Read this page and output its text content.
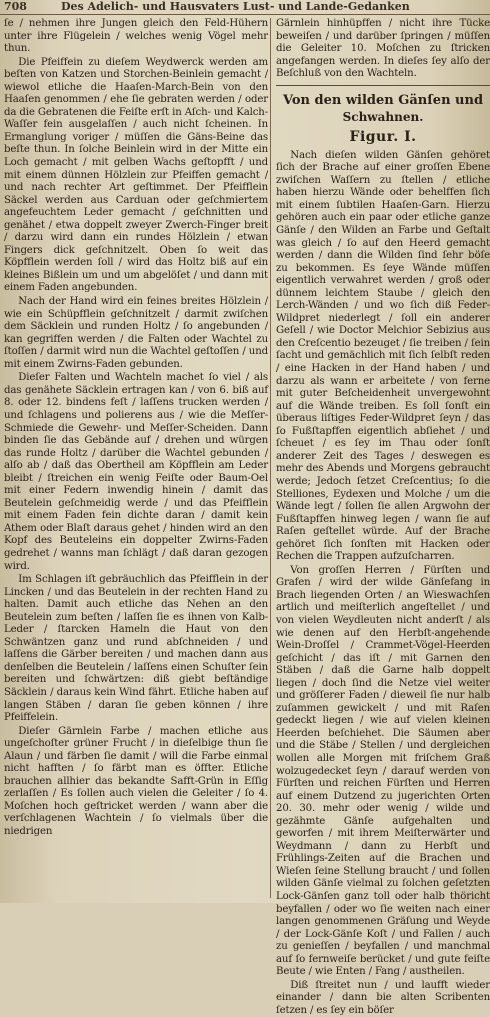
708	Des Adelich- und Hausvaters Lust- und Lande-Gedanken

ſe / nehmen ihre Jungen gleich den Feld-Hühern unter ihre Flügelein / welches wenig Vögel mehr thun.

Die Pfeiffein zu dieſem Weydwerck werden am beſten von Katzen und Storchen-Beinlein gemacht / wiewol etliche die Haaſen-March-Bein von den Haaſen genommen / ehe ſie gebraten werden / oder da die Gebratenen die Feiſte erſt in Aſch- und Kalch-Waſſer fein ausgelaſſen / auch nicht ſcheinen. In Ermanglung voriger / müſſen die Gäns-Beine das beſte thun. In ſolche Beinlein wird in der Mitte ein Loch gemacht / mit gelben Wachs geſtopfft / und mit einem dünnen Hölzlein zur Pfeiffen gemacht / und nach rechter Art geſtimmet. Der Pfeifflein Säckel werden aus Carduan oder geſchmiertem angefeuchtem Leder gemacht / geſchnitten und genähet / etwa doppelt zweyer Zwerch-Finger breit / darzu wird dann ein rundes Hölzlein / etwan Fingers dick geſchnitzelt. Oben ſo weit das Köpfflein werden ſoll / wird das Holtz biß auf ein kleines Bißlein um und um abgelöſet / und dann mit einem Faden angebunden.

Nach der Hand wird ein feines breites Hölzlein / wie ein Schüpfflein geſchnitzelt / darmit zwiſchen dem Säcklein und runden Holtz / ſo angebunden / kan gegriffen werden / die Falten oder Wachtel zu ſtoſſen / darmit wird nun die Wachtel geſtoſſen / und mit einem Zwirns-Faden gebunden.

Dieſer Falten und Wachteln machet ſo viel / als das genähete Säcklein ertragen kan / von 6. biß auf 8. oder 12. bindens feſt / laſſens trucken werden / und ſchlagens und polierens aus / wie die Meſſer-Schmiede die Gewehr- und Meſſer-Scheiden. Dann binden ſie das Gebände auf / drehen und würgen das runde Holtz / darüber die Wachtel gebunden / alſo ab / daß das Obertheil am Köpfflein am Leder bleibt / ſtreichen ein wenig Feiſte oder Baum-Oel mit einer Federn inwendig hinein / damit das Beutelein geſchmeidig werde / und das Pfeifflein mit einem Faden fein dichte daran / damit kein Athem oder Blaſt daraus gehet / hinden wird an den Kopf des Beuteleins ein doppelter Zwirns-Faden gedrehet / wanns man ſchlägt / daß daran gezogen wird.

Im Schlagen iſt gebräuchlich das Pfeifflein in der Lincken / und das Beutelein in der rechten Hand zu halten. Damit auch etliche das Nehen an den Beutelein zum beſten / laſſen ſie es ihnen von Kalb-Leder / ſtarcken Hameln die Haut von den Schwäntzen ganz und rund abſchneiden / und laſſens die Gärber bereiten / und machen dann aus denſelben die Beutelein / laſſens einen Schuſter ſein bereiten und ſchwärtzen: diß giebt beſtändige Säcklein / daraus kein Wind fährt. Etliche haben auf langen Stäben / daran ſie geben können / ihre Pfeiffelein.

Dieſer Gärnlein Farbe / machen etliche aus ungeſchoſter grüner Frucht / in dieſelbige thun ſie Alaun / und färben ſie damit / will die Farbe einmal nicht hafften / ſo färbt man es öffter. Etliche brauchen allhier das bekandte Safft-Grün in Eſſig zerlaſſen / Es ſollen auch vielen die Geleiter / ſo 4. Moſchen hoch geſtricket werden / wann aber die verſchlagenen Wachtein / ſo vielmals über die niedrigen

Gärnlein hinhüpffen / nicht ihre Tücke beweiſen / und darüber ſpringen / müſſen die Geleiter 10. Moſchen zu ſtricken angefangen werden. In dieſes ſey alſo der Beſchluß von den Wachteln.

Von den wilden Gänſen und
Schwahnen.
Figur. I.

Nach dieſen wilden Gänſen gehöret ſich der Brache auf einer groſſen Ebene zwiſchen Waſſern zu ſtellen / etliche haben hierzu Wände oder behelffen ſich mit einem ſubtilen Haaſen-Garn. Hierzu gehören auch ein paar oder etliche ganze Gänſe / den Wilden an Farbe und Geſtalt was gleich / ſo auf den Heerd gemacht werden / dann die Wilden ſind ſehr böſe zu bekommen. Es ſeye Wände müſſen eigentlich verwahret werden / groß oder dünnem leichtem Staube / gleich den Lerch-Wänden / und wo ſich diß Feder-Wildpret niederlegt / ſoll ein anderer Geſell / wie Doctor Melchior Sebizius aus den Creſcentio bezeuget / ſie treiben / ſein ſacht und gemächlich mit ſich ſelbſt reden / eine Hacken in der Hand haben / und darzu als wann er arbeitete / von ferne mit guter Beſcheidenheit unvergewohnt auf die Wände treiben. Es ſoll ſonſt ein überaus liſtiges Feder-Wildpret ſeyn / das ſo Fußſtapffen eigentlich abſiehet / und ſcheuet / es ſey im Thau oder ſonſt anderer Zeit des Tages / deswegen es mehr des Abends und Morgens gebraucht werde; Jedoch ſetzet Creſcentius; ſo die Stelliones, Eydexen und Molche / um die Wände legt / ſollen ſie allen Argwohn der Fußſtapffen hinweg legen / wann ſie auf Raſen geſtellet würde. Auf der Brache gehöret ſich ſonſten mit Hacken oder Rechen die Trappen aufzuſcharren.

Von groſſen Herren / Fürſten und Grafen / wird der wilde Gänſefang in Brach liegenden Orten / an Wieswachſen artlich und meiſterlich angeſtellet / und von vielen Weydleuten nicht anderſt / als wie denen auf den Herbſt-angehende Wein-Droſſel / Crammet-Vögel-Heerden geſchicht / das iſt / mit Garnen den Stäben / daß die Garne halb doppelt liegen / doch ſind die Netze viel weiter und gröſſerer Faden / dieweil ſie nur halb zuſammen gewickelt / und mit Raſen gedeckt liegen / wie auf vielen kleinen Heerden beſchiehet. Die Säumen aber und die Stäbe / Stellen / und dergleichen wollen alle Morgen mit friſchem Graß wolzugedecket ſeyn / darauf werden von Fürſten und reichen Fürſten und Herren auf einem Dutzend zu jugerichten Orten 20. 30. mehr oder wenig / wilde und gezähmte Gänſe aufgehalten und geworfen / mit ihrem Meiſterwärter und Weydmann / dann zu Herbſt und Frühlings-Zeiten auf die Brachen und Wieſen ſeine Stellung braucht / und ſollen wilden Gänſe vielmal zu ſolchen geſetzten Lock-Gänſen ganz toll oder halb thöricht beyfallen / oder wo ſie weiten nach einer langen genommenen Gräſung und Weyde / der Lock-Gänſe Koſt / und Fallen / auch zu genieſſen / beyfallen / und manchmal auf ſo fernweiſe berücket / und gute feiſte Beute / wie Enten / Fang / austheilen.

Diß ſtreitet nun / und laufft wieder einander / dann bie alten Scribenten ſetzen / es ſey ein böſer
